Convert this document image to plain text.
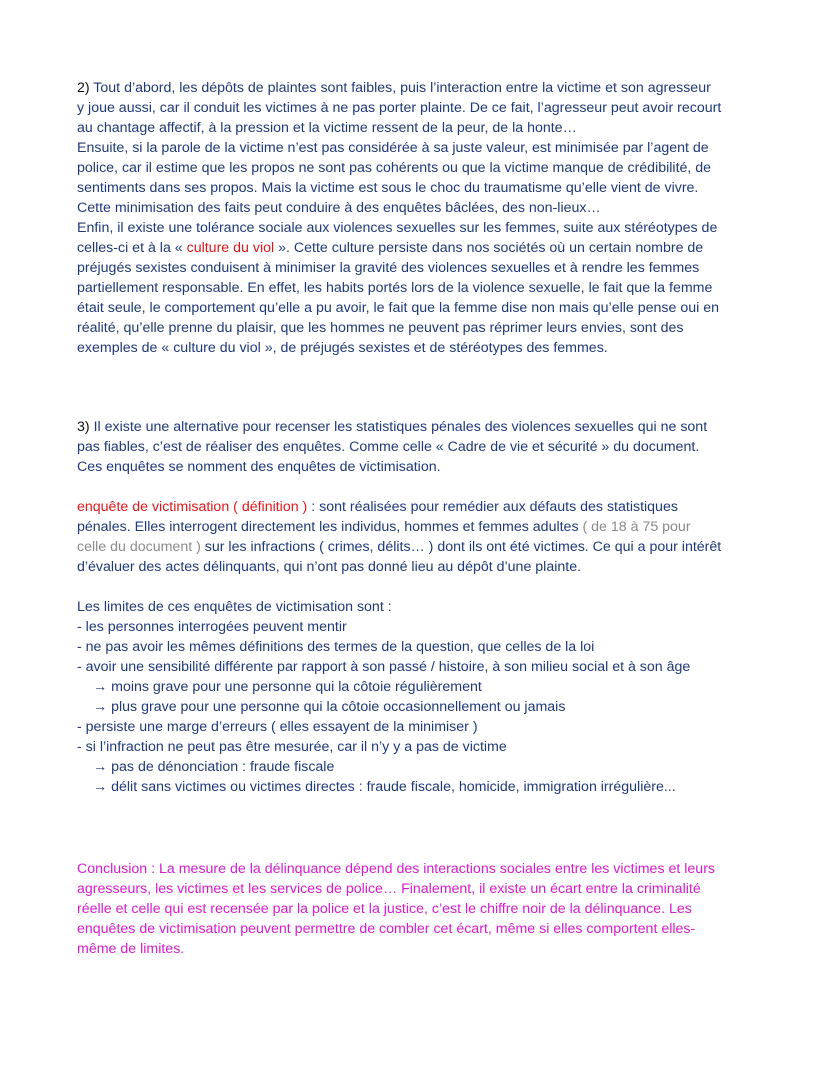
2) Tout d’abord, les dépôts de plaintes sont faibles, puis l’interaction entre la victime et son agresseur
y joue aussi, car il conduit les victimes à ne pas porter plainte. De ce fait, l’agresseur peut avoir recourt
au chantage affectif, à la pression et la victime ressent de la peur, de la honte…
Ensuite, si la parole de la victime n’est pas considérée à sa juste valeur, est minimisée par l’agent de
police, car il estime que les propos ne sont pas cohérents ou que la victime manque de crédibilité, de
sentiments dans ses propos. Mais la victime est sous le choc du traumatisme qu’elle vient de vivre.
Cette minimisation des faits peut conduire à des enquêtes bâclées, des non-lieux…
Enfin, il existe une tolérance sociale aux violences sexuelles sur les femmes, suite aux stéréotypes de
celles-ci et à la « culture du viol ». Cette culture persiste dans nos sociétés où un certain nombre de
préjugés sexistes conduisent à minimiser la gravité des violences sexuelles et à rendre les femmes
partiellement responsable. En effet, les habits portés lors de la violence sexuelle, le fait que la femme
était seule, le comportement qu’elle a pu avoir, le fait que la femme dise non mais qu’elle pense oui en
réalité, qu’elle prenne du plaisir, que les hommes ne peuvent pas réprimer leurs envies, sont des
exemples de « culture du viol », de préjugés sexistes et de stéréotypes des femmes.
3) Il existe une alternative pour recenser les statistiques pénales des violences sexuelles qui ne sont
pas fiables, c’est de réaliser des enquêtes. Comme celle « Cadre de vie et sécurité » du document.
Ces enquêtes se nomment des enquêtes de victimisation.
enquête de victimisation ( définition ) : sont réalisées pour remédier aux défauts des statistiques
pénales. Elles interrogent directement les individus, hommes et femmes adultes ( de 18 à 75 pour
celle du document ) sur les infractions ( crimes, délits… ) dont ils ont été victimes. Ce qui a pour intérêt
d’évaluer des actes délinquants, qui n’ont pas donné lieu au dépôt d’une plainte.
Les limites de ces enquêtes de victimisation sont :
- les personnes interrogées peuvent mentir
- ne pas avoir les mêmes définitions des termes de la question, que celles de la loi
- avoir une sensibilité différente par rapport à son passé / histoire, à son milieu social et à son âge
→ moins grave pour une personne qui la côtoie régulièrement
→ plus grave pour une personne qui la côtoie occasionnellement ou jamais
- persiste une marge d’erreurs ( elles essayent de la minimiser )
- si l’infraction ne peut pas être mesurée, car il n’y y a pas de victime
→ pas de dénonciation : fraude fiscale
→ délit sans victimes ou victimes directes : fraude fiscale, homicide, immigration irrégulière...
Conclusion : La mesure de la délinquance dépend des interactions sociales entre les victimes et leurs
agresseurs, les victimes et les services de police… Finalement, il existe un écart entre la criminalité
réelle et celle qui est recensée par la police et la justice, c’est le chiffre noir de la délinquance. Les
enquêtes de victimisation peuvent permettre de combler cet écart, même si elles comportent elles-
même de limites.
